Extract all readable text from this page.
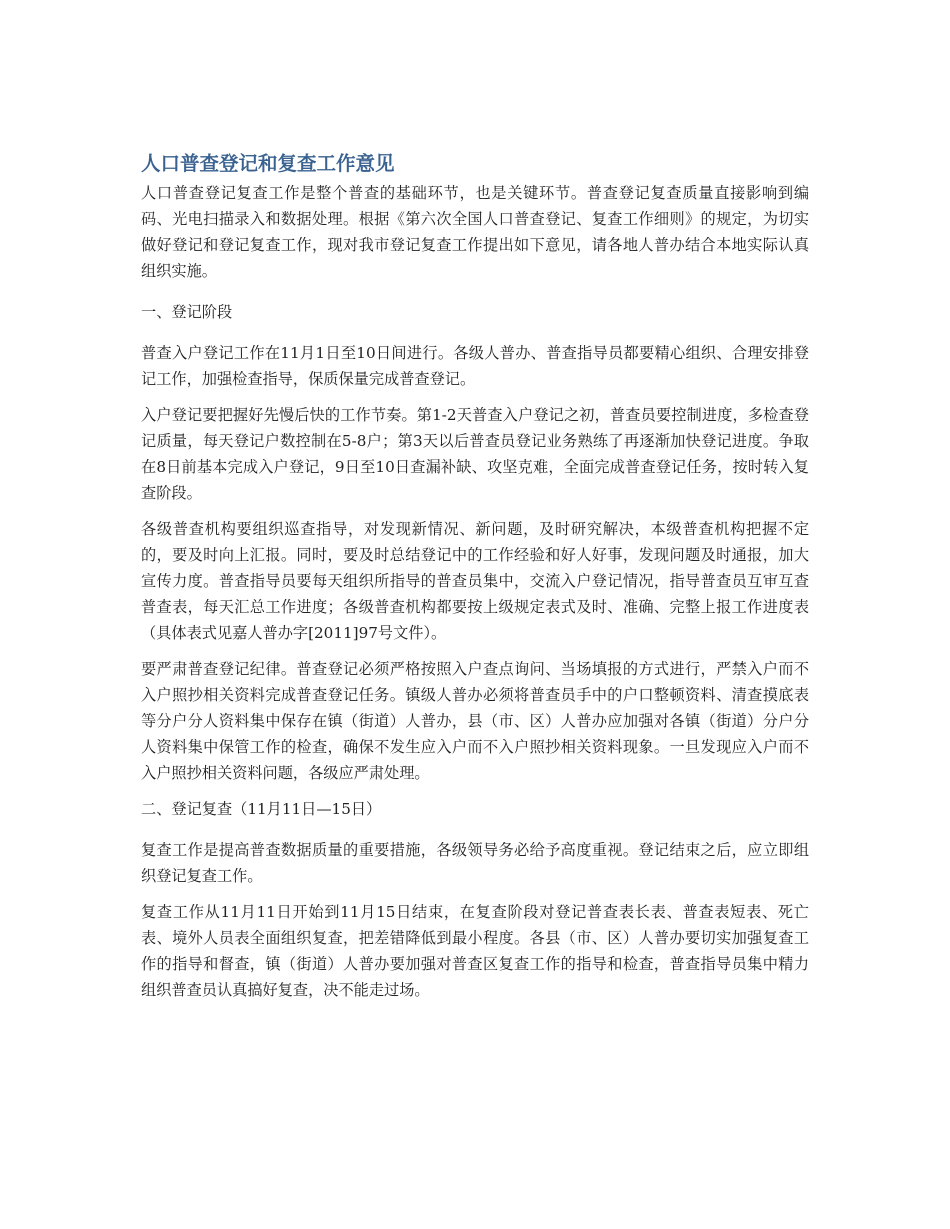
人口普查登记和复查工作意见

人口普查登记复查工作是整个普查的基础环节，也是关键环节。普查登记复查质量直接影响到编码、光电扫描录入和数据处理。根据《第六次全国人口普查登记、复查工作细则》的规定，为切实做好登记和登记复查工作，现对我市登记复查工作提出如下意见，请各地人普办结合本地实际认真组织实施。

一、登记阶段

普查入户登记工作在11月1日至10日间进行。各级人普办、普查指导员都要精心组织、合理安排登记工作，加强检查指导，保质保量完成普查登记。

入户登记要把握好先慢后快的工作节奏。第1-2天普查入户登记之初，普查员要控制进度，多检查登记质量，每天登记户数控制在5-8户；第3天以后普查员登记业务熟练了再逐渐加快登记进度。争取在8日前基本完成入户登记，9日至10日查漏补缺、攻坚克难，全面完成普查登记任务，按时转入复查阶段。

各级普查机构要组织巡查指导，对发现新情况、新问题，及时研究解决，本级普查机构把握不定的，要及时向上汇报。同时，要及时总结登记中的工作经验和好人好事，发现问题及时通报，加大宣传力度。普查指导员要每天组织所指导的普查员集中，交流入户登记情况，指导普查员互审互查普查表，每天汇总工作进度；各级普查机构都要按上级规定表式及时、准确、完整上报工作进度表（具体表式见嘉人普办字[2011]97号文件）。

要严肃普查登记纪律。普查登记必须严格按照入户查点询问、当场填报的方式进行，严禁入户而不入户照抄相关资料完成普查登记任务。镇级人普办必须将普查员手中的户口整顿资料、清查摸底表等分户分人资料集中保存在镇（街道）人普办，县（市、区）人普办应加强对各镇（街道）分户分人资料集中保管工作的检查，确保不发生应入户而不入户照抄相关资料现象。一旦发现应入户而不入户照抄相关资料问题，各级应严肃处理。

二、登记复查（11月11日—15日）

复查工作是提高普查数据质量的重要措施，各级领导务必给予高度重视。登记结束之后，应立即组织登记复查工作。

复查工作从11月11日开始到11月15日结束，在复查阶段对登记普查表长表、普查表短表、死亡表、境外人员表全面组织复查，把差错降低到最小程度。各县（市、区）人普办要切实加强复查工作的指导和督查，镇（街道）人普办要加强对普查区复查工作的指导和检查，普查指导员集中精力组织普查员认真搞好复查，决不能走过场。
